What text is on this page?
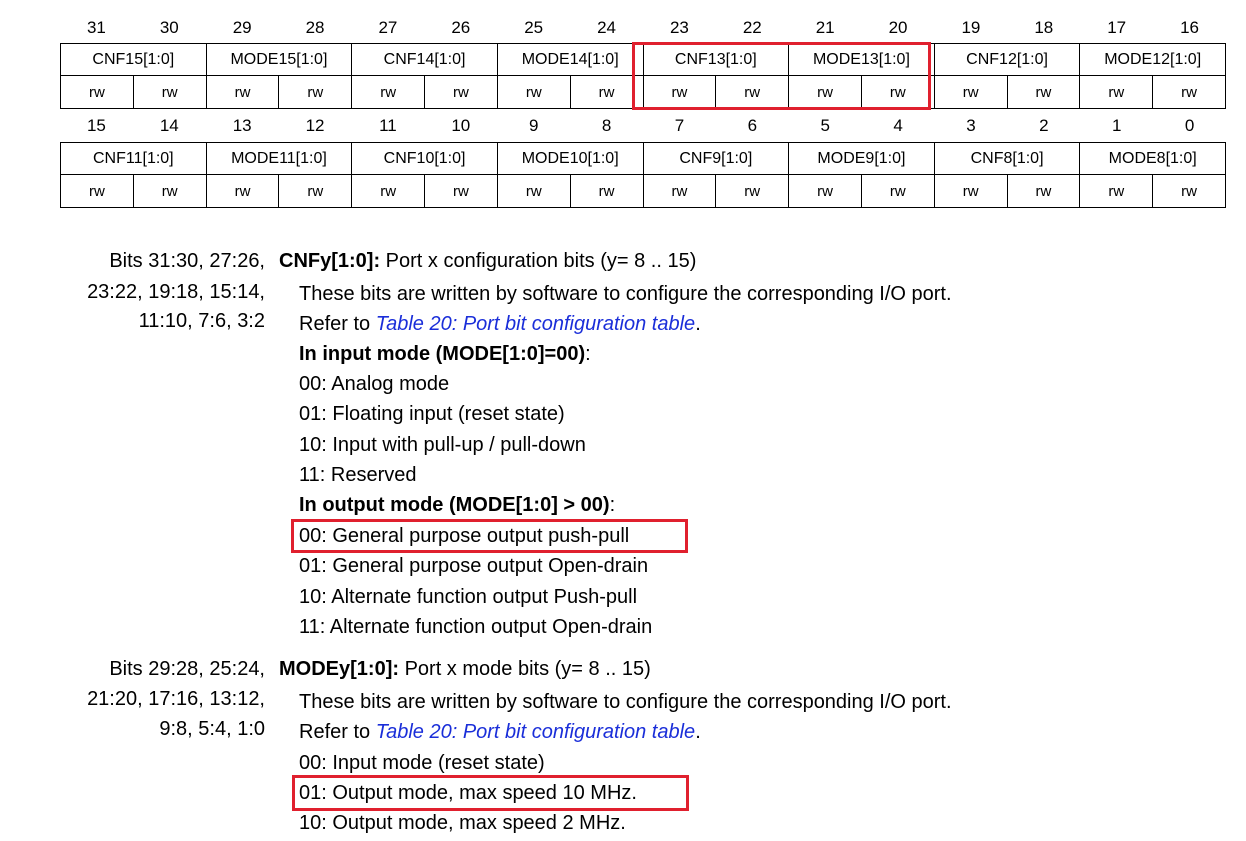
31	30	29	28	27	26	25	24	23	22	21	20	19	18	17	16
CNF15[1:0]	MODE15[1:0]	CNF14[1:0]	MODE14[1:0]	CNF13[1:0]	MODE13[1:0]	CNF12[1:0]	MODE12[1:0]
rw	rw	rw	rw	rw	rw	rw	rw	rw	rw	rw	rw	rw	rw	rw	rw
15	14	13	12	11	10	9	8	7	6	5	4	3	2	1	0
CNF11[1:0]	MODE11[1:0]	CNF10[1:0]	MODE10[1:0]	CNF9[1:0]	MODE9[1:0]	CNF8[1:0]	MODE8[1:0]
rw	rw	rw	rw	rw	rw	rw	rw	rw	rw	rw	rw	rw	rw	rw	rw
Bits 31:30, 27:26,
23:22, 19:18, 15:14,
11:10, 7:6, 3:2
CNFy[1:0]: Port x configuration bits (y= 8 .. 15)
These bits are written by software to configure the corresponding I/O port.
Refer to Table 20: Port bit configuration table.
In input mode (MODE[1:0]=00):
00: Analog mode
01: Floating input (reset state)
10: Input with pull-up / pull-down
11: Reserved
In output mode (MODE[1:0] > 00):
00: General purpose output push-pull
01: General purpose output Open-drain
10: Alternate function output Push-pull
11: Alternate function output Open-drain
Bits 29:28, 25:24,
21:20, 17:16, 13:12,
9:8, 5:4, 1:0
MODEy[1:0]: Port x mode bits (y= 8 .. 15)
These bits are written by software to configure the corresponding I/O port.
Refer to Table 20: Port bit configuration table.
00: Input mode (reset state)
01: Output mode, max speed 10 MHz.
10: Output mode, max speed 2 MHz.
